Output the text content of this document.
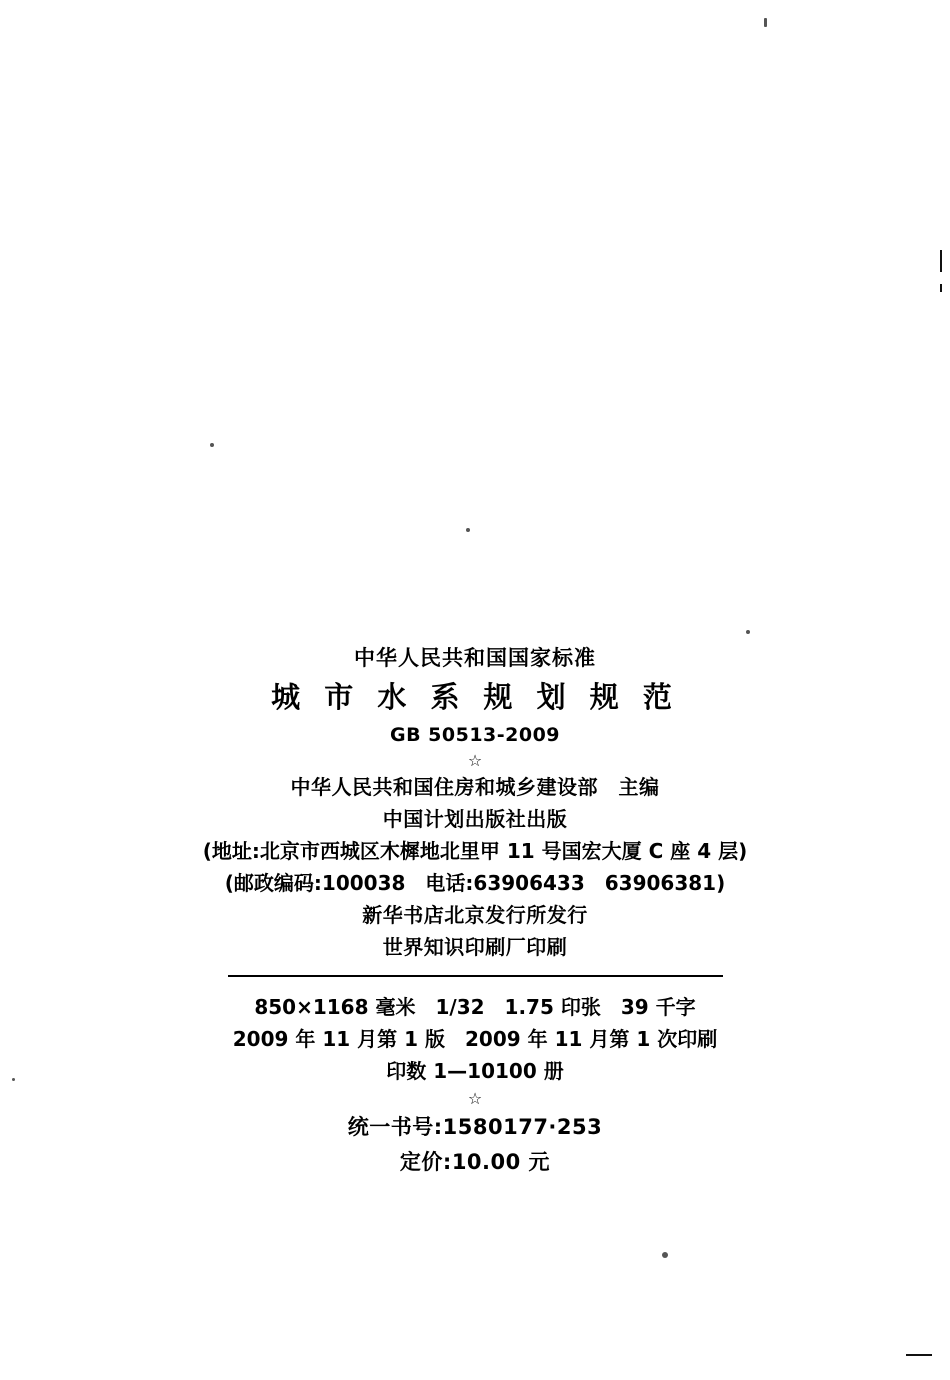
中华人民共和国国家标准
城 市 水 系 规 划 规 范
GB 50513-2009
☆
中华人民共和国住房和城乡建设部　主编
中国计划出版社出版
(地址:北京市西城区木樨地北里甲 11 号国宏大厦 C 座 4 层)
(邮政编码:100038　电话:63906433　63906381)
新华书店北京发行所发行
世界知识印刷厂印刷
850×1168 毫米　1/32　1.75 印张　39 千字
2009 年 11 月第 1 版　2009 年 11 月第 1 次印刷
印数 1—10100 册
☆
统一书号:1580177·253
定价:10.00 元
